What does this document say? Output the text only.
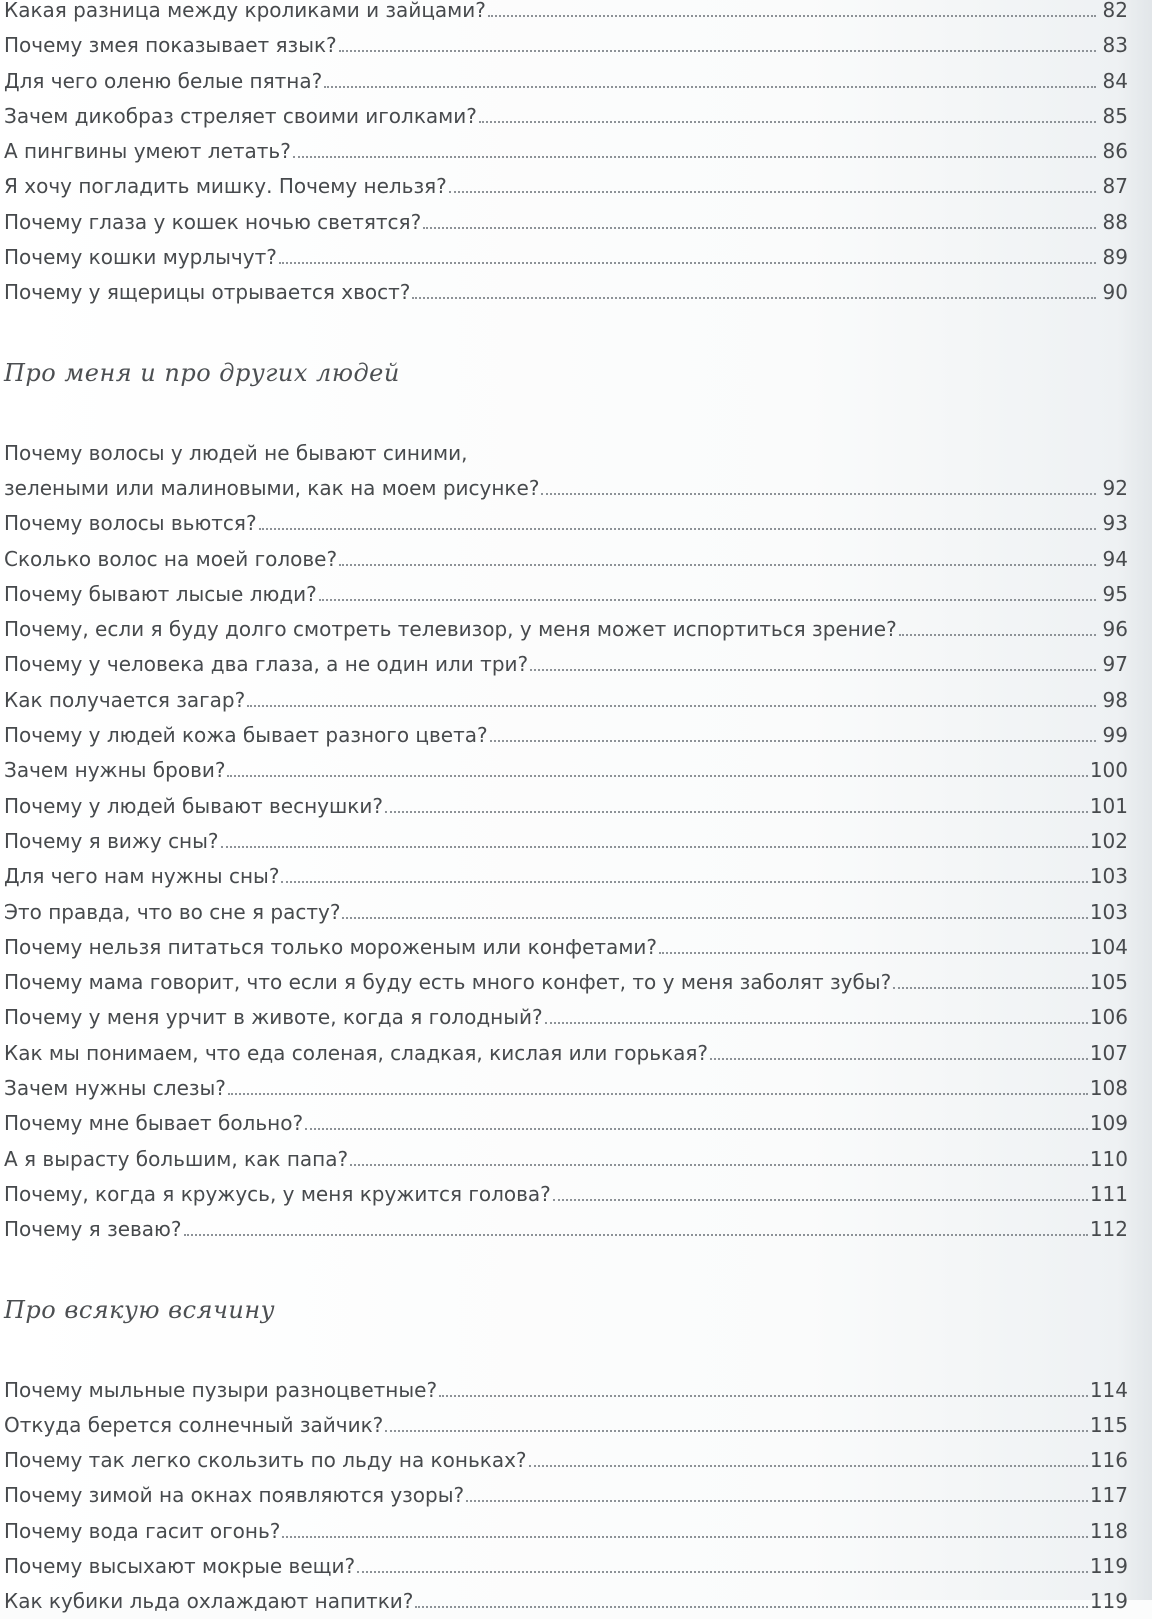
Какая разница между кроликами и зайцами?	82
Почему змея показывает язык?	83
Для чего оленю белые пятна?	84
Зачем дикобраз стреляет своими иголками?	85
А пингвины умеют летать?	86
Я хочу погладить мишку. Почему нельзя?	87
Почему глаза у кошек ночью светятся?	88
Почему кошки мурлычут?	89
Почему у ящерицы отрывается хвост?	90
Про меня и про других людей
Почему волосы у людей не бывают синими,
зелеными или малиновыми, как на моем рисунке?	92
Почему волосы вьются?	93
Сколько волос на моей голове?	94
Почему бывают лысые люди?	95
Почему, если я буду долго смотреть телевизор, у меня может испортиться зрение?	96
Почему у человека два глаза, а не один или три?	97
Как получается загар?	98
Почему у людей кожа бывает разного цвета?	99
Зачем нужны брови?	100
Почему у людей бывают веснушки?	101
Почему я вижу сны?	102
Для чего нам нужны сны?	103
Это правда, что во сне я расту?	103
Почему нельзя питаться только мороженым или конфетами?	104
Почему мама говорит, что если я буду есть много конфет, то у меня заболят зубы?	105
Почему у меня урчит в животе, когда я голодный?	106
Как мы понимаем, что еда соленая, сладкая, кислая или горькая?	107
Зачем нужны слезы?	108
Почему мне бывает больно?	109
А я вырасту большим, как папа?	110
Почему, когда я кружусь, у меня кружится голова?	111
Почему я зеваю?	112
Про всякую всячину
Почему мыльные пузыри разноцветные?	114
Откуда берется солнечный зайчик?	115
Почему так легко скользить по льду на коньках?	116
Почему зимой на окнах появляются узоры?	117
Почему вода гасит огонь?	118
Почему высыхают мокрые вещи?	119
Как кубики льда охлаждают напитки?	119
